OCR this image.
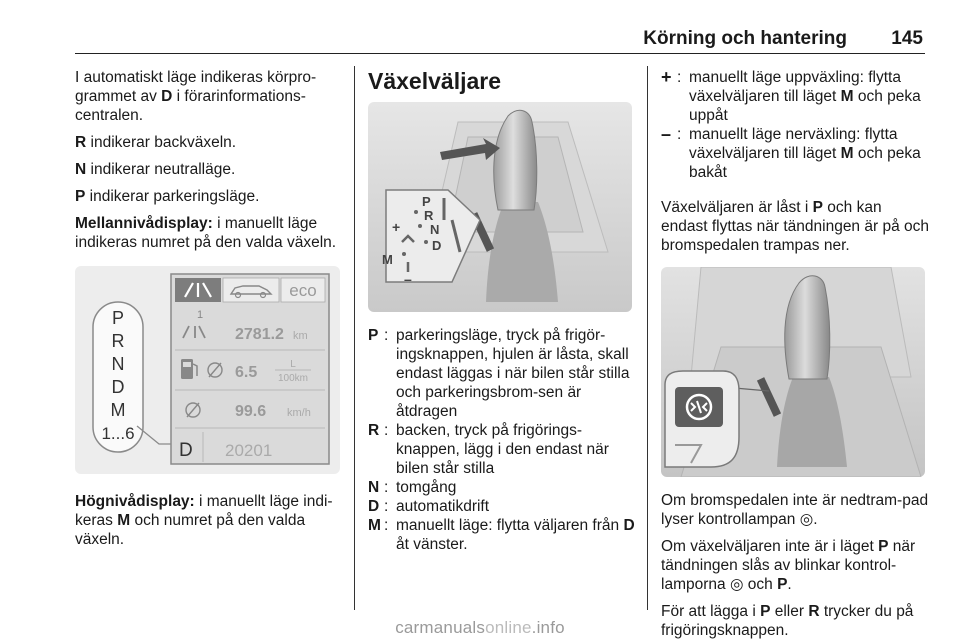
Körning och hantering 145

I automatiskt läge indikeras körpro-grammet av D i förarinformations-centralen.

R indikerar backväxeln.

N indikerar neutralläge.

P indikerar parkeringsläge.

Mellannivådisplay: i manuellt läge indikeras numret på den valda växeln.

P
R
N
D
M
1...6
eco
1
2781.2 km
6.5	L
100km
99.6 km/h
D 20201

Högnivådisplay: i manuellt läge indi-keras M och numret på den valda växeln.

Växelväljare
P
R
N
D
M
+
–
P : parkeringsläge, tryck på frigör-ingsknappen, hjulen är låsta, skall endast läggas i när bilen står stilla och parkeringsbrom-sen är åtdragen
R : backen, tryck på frigörings-knappen, lägg i den endast när bilen står stilla
N : tomgång
D : automatikdrift
M : manuellt läge: flytta väljaren från D åt vänster.
+ : manuellt läge uppväxling: flytta växelväljaren till läget M och peka uppåt
– : manuellt läge nerväxling: flytta växelväljaren till läget M och peka bakåt

Växelväljaren är låst i P och kan endast flyttas när tändningen är på och bromspedalen trampas ner.

Om bromspedalen inte är nedtram-pad lyser kontrollampan ◎.

Om växelväljaren inte är i läget P när tändningen slås av blinkar kontrol-lamporna ◎ och P.

För att lägga i P eller R trycker du på frigöringsknappen.

carmanualsonline.info
